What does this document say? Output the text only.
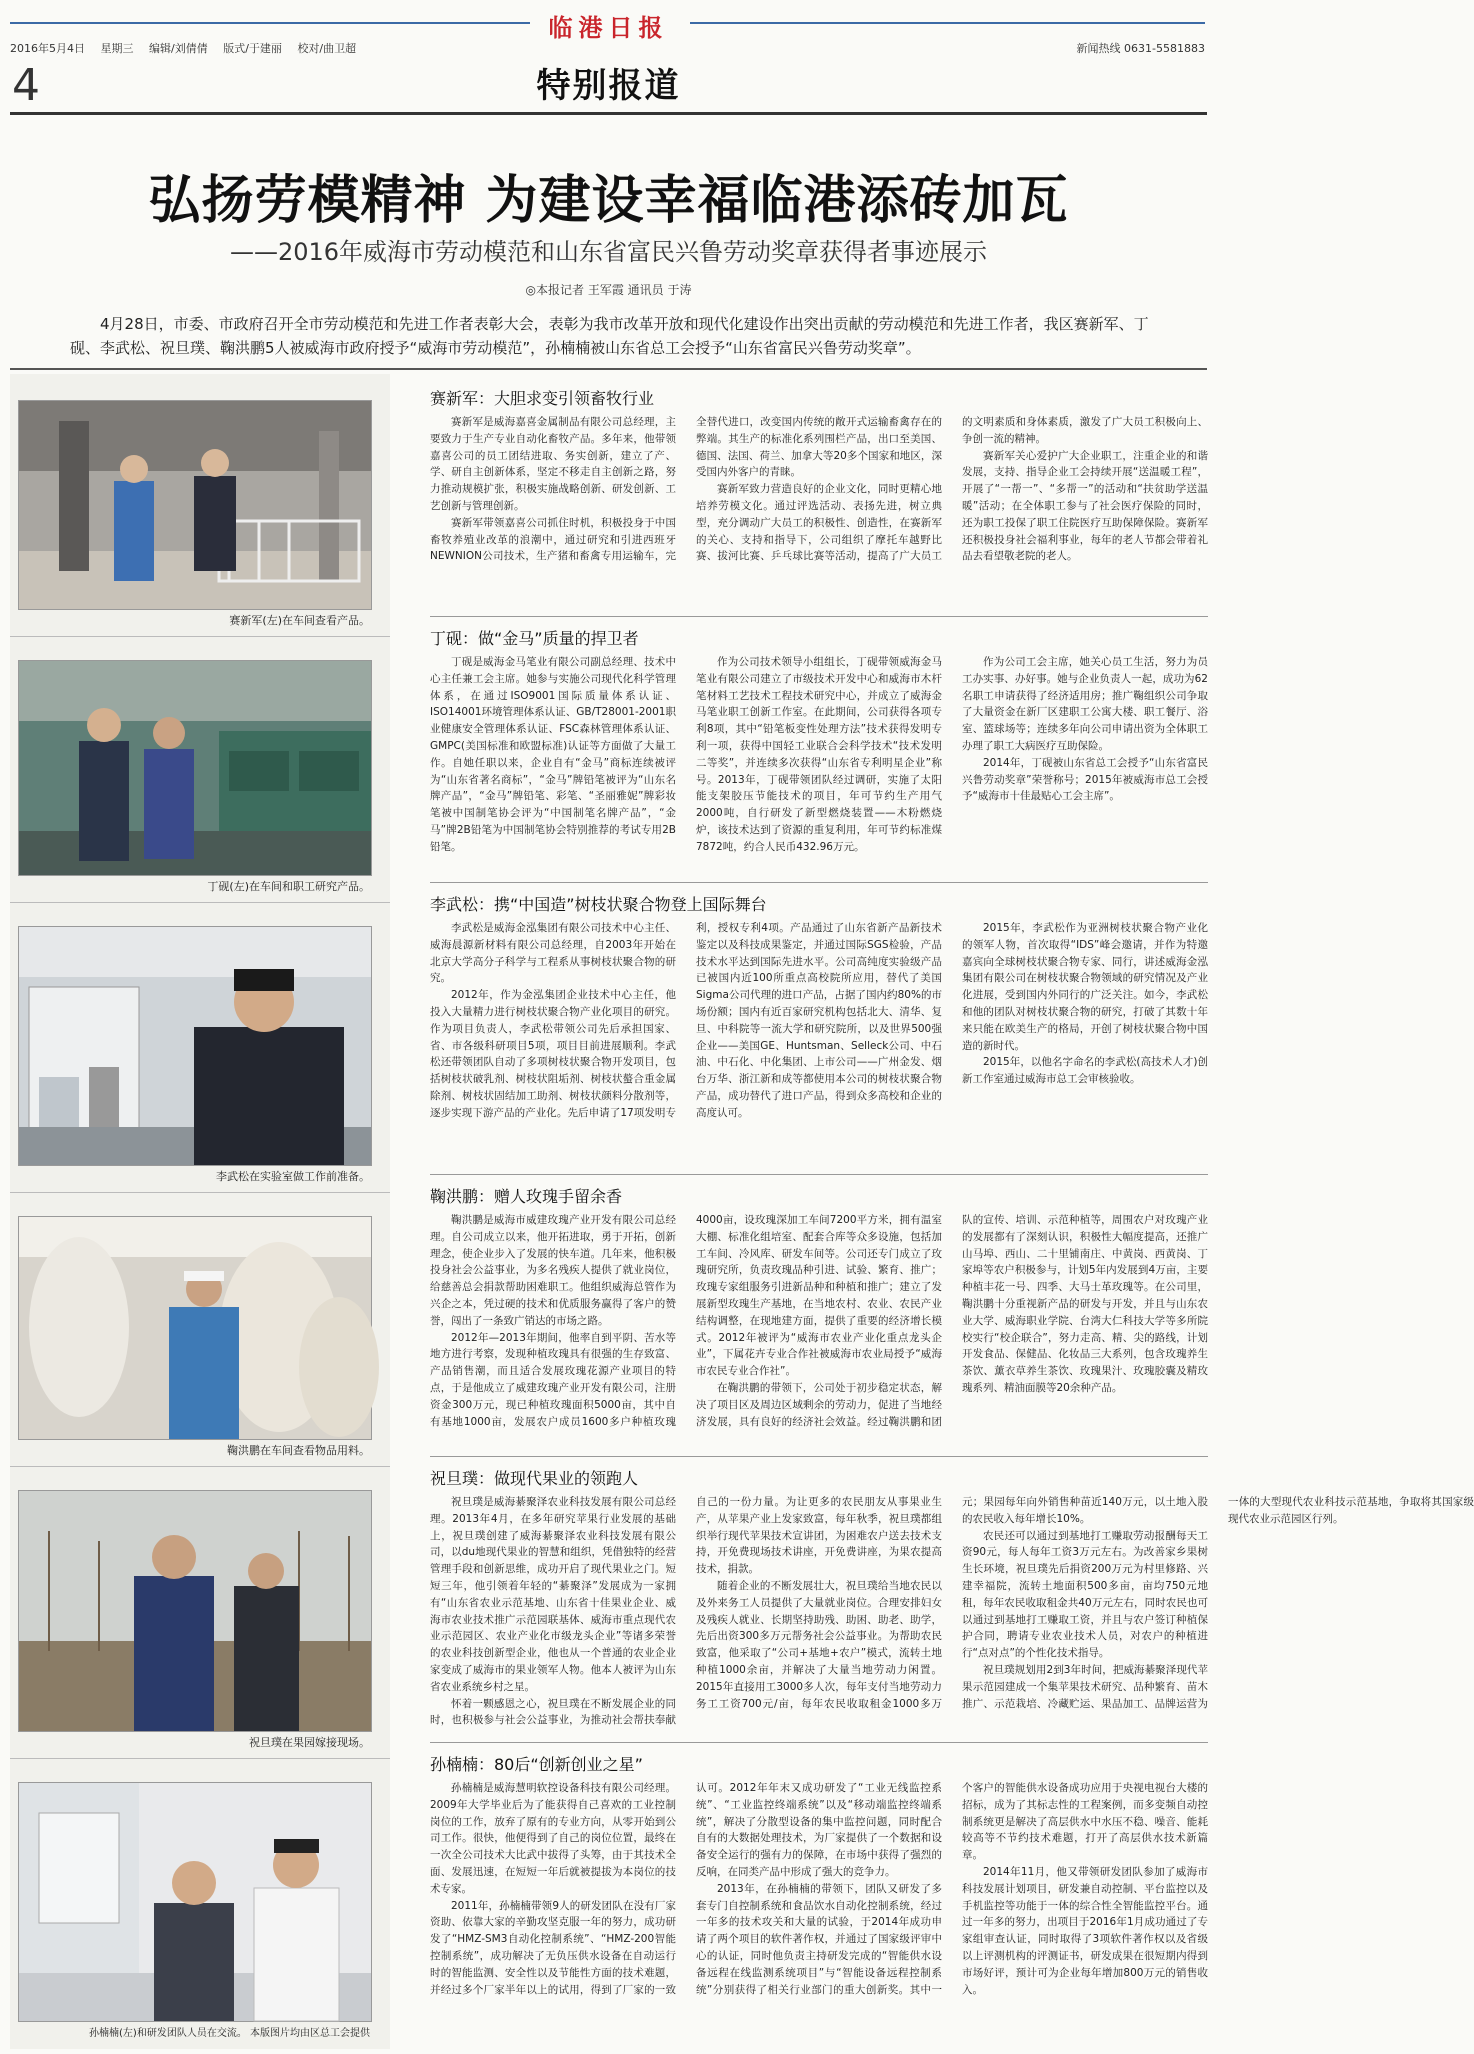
临港日报
2016年5月4日 星期三 编辑/刘倩倩 版式/于建丽 校对/曲卫超	新闻热线 0631-5581883
4	特别报道
弘扬劳模精神 为建设幸福临港添砖加瓦
——2016年威海市劳动模范和山东省富民兴鲁劳动奖章获得者事迹展示
◎本报记者 王军霞 通讯员 于涛
4月28日，市委、市政府召开全市劳动模范和先进工作者表彰大会，表彰为我市改革开放和现代化建设作出突出贡献的劳动模范和先进工作者，我区赛新军、丁砚、李武松、祝旦璞、鞠洪鹏5人被威海市政府授予“威海市劳动模范”，孙楠楠被山东省总工会授予“山东省富民兴鲁劳动奖章”。
赛新军(左)在车间查看产品。
丁砚(左)在车间和职工研究产品。
李武松在实验室做工作前准备。
鞠洪鹏在车间查看物品用料。
祝旦璞在果园嫁接现场。
孙楠楠(左)和研发团队人员在交流。 本版图片均由区总工会提供
赛新军：大胆求变引领畜牧行业

赛新军是威海嘉喜金属制品有限公司总经理，主要致力于生产专业自动化畜牧产品。多年来，他带领嘉喜公司的员工团结进取、务实创新，建立了产、学、研自主创新体系，坚定不移走自主创新之路，努力推动规模扩张，积极实施战略创新、研发创新、工艺创新与管理创新。

赛新军带领嘉喜公司抓住时机，积极投身于中国畜牧养殖业改革的浪潮中，通过研究和引进西班牙NEWNION公司技术，生产猪和畜禽专用运输车，完全替代进口，改变国内传统的敞开式运输畜禽存在的弊端。其生产的标准化系列围栏产品，出口至美国、德国、法国、荷兰、加拿大等20多个国家和地区，深受国内外客户的青睐。

赛新军致力营造良好的企业文化，同时更精心地培养劳模文化。通过评选活动、表扬先进，树立典型，充分调动广大员工的积极性、创造性，在赛新军的关心、支持和指导下，公司组织了摩托车越野比赛、拔河比赛、乒乓球比赛等活动，提高了广大员工的文明素质和身体素质，激发了广大员工积极向上、争创一流的精神。

赛新军关心爱护广大企业职工，注重企业的和谐发展，支持、指导企业工会持续开展“送温暖工程”，开展了“一帮一”、“多帮一”的活动和“扶贫助学送温暖”活动；在全体职工参与了社会医疗保险的同时，还为职工投保了职工住院医疗互助保障保险。赛新军还积极投身社会福利事业，每年的老人节都会带着礼品去看望敬老院的老人。

丁砚：做“金马”质量的捍卫者

丁砚是威海金马笔业有限公司副总经理、技术中心主任兼工会主席。她参与实施公司现代化科学管理体系，在通过ISO9001国际质量体系认证、ISO14001环境管理体系认证、GB/T28001-2001职业健康安全管理体系认证、FSC森林管理体系认证、GMPC(美国标准和欧盟标准)认证等方面做了大量工作。自她任职以来，企业自有“金马”商标连续被评为“山东省著名商标”，“金马”牌铅笔被评为“山东名牌产品”，“金马”牌铅笔、彩笔、“圣丽雅妮”牌彩妆笔被中国制笔协会评为“中国制笔名牌产品”，“金马”牌2B铅笔为中国制笔协会特别推荐的考试专用2B铅笔。

作为公司技术领导小组组长，丁砚带领威海金马笔业有限公司建立了市级技术开发中心和威海市木杆笔材料工艺技术工程技术研究中心，并成立了威海金马笔业职工创新工作室。在此期间，公司获得各项专利8项，其中“铅笔板变性处理方法”技术获得发明专利一项，获得中国轻工业联合会科学技术“技术发明二等奖”，并连续多次获得“山东省专利明星企业”称号。2013年，丁砚带领团队经过调研，实施了太阳能支架胶压节能技术的项目，年可节约生产用气2000吨，自行研发了新型燃烧装置——木粉燃烧炉，该技术达到了资源的重复利用，年可节约标准煤7872吨，约合人民币432.96万元。

作为公司工会主席，她关心员工生活，努力为员工办实事、办好事。她与企业负责人一起，成功为62名职工申请获得了经济适用房；推广鞠组织公司争取了大量资金在新厂区建职工公寓大楼、职工餐厅、浴室、篮球场等；连续多年向公司申请出资为全体职工办理了职工大病医疗互助保险。

2014年，丁砚被山东省总工会授予“山东省富民兴鲁劳动奖章”荣誉称号；2015年被威海市总工会授予“威海市十佳最贴心工会主席”。

李武松：携“中国造”树枝状聚合物登上国际舞台

李武松是威海金泓集团有限公司技术中心主任、威海晨源新材料有限公司总经理，自2003年开始在北京大学高分子科学与工程系从事树枝状聚合物的研究。

2012年，作为金泓集团企业技术中心主任，他投入大量精力进行树枝状聚合物产业化项目的研究。作为项目负责人，李武松带领公司先后承担国家、省、市各级科研项目5项，项目目前进展顺利。李武松还带领团队自动了多项树枝状聚合物开发项目，包括树枝状破乳剂、树枝状阻垢剂、树枝状螯合重金属除剂、树枝状固结加工助剂、树枝状颜料分散剂等，逐步实现下游产品的产业化。先后申请了17项发明专利，授权专利4项。产品通过了山东省新产品新技术鉴定以及科技成果鉴定，并通过国际SGS检验，产品技术水平达到国际先进水平。公司高纯度实验级产品已被国内近100所重点高校院所应用，替代了美国Sigma公司代理的进口产品，占据了国内约80%的市场份额；国内有近百家研究机构包括北大、清华、复旦、中科院等一流大学和研究院所，以及世界500强企业——美国GE、Huntsman、Selleck公司、中石油、中石化、中化集团、上市公司——广州金发、烟台万华、浙江新和成等都使用本公司的树枝状聚合物产品，成功替代了进口产品，得到众多高校和企业的高度认可。

2015年，李武松作为亚洲树枝状聚合物产业化的领军人物，首次取得“IDS”峰会邀请，并作为特邀嘉宾向全球树枝状聚合物专家、同行，讲述威海金泓集团有限公司在树枝状聚合物领域的研究情况及产业化进展，受到国内外同行的广泛关注。如今，李武松和他的团队对树枝状聚合物的研究，打破了其数十年来只能在欧美生产的格局，开创了树枝状聚合物中国造的新时代。

2015年，以他名字命名的李武松(高技术人才)创新工作室通过威海市总工会审核验收。

鞠洪鹏：赠人玫瑰手留余香

鞠洪鹏是威海市威建玫瑰产业开发有限公司总经理。自公司成立以来，他开拓进取，勇于开拓，创新理念，使企业步入了发展的快车道。几年来，他积极投身社会公益事业，为多名残疾人提供了就业岗位，给慈善总会捐款帮助困难职工。他组织威海总管作为兴企之本，凭过硬的技术和优质服务赢得了客户的赞誉，闯出了一条致广销达的市场之路。

2012年—2013年期间，他率自到平阴、苦水等地方进行考察，发现种植玫瑰具有很强的生存致富、产品销售潮，而且适合发展玫瑰花源产业项目的特点，于是他成立了威建玫瑰产业开发有限公司，注册资金300万元，现已种植玫瑰面积5000亩，其中自有基地1000亩，发展农户成员1600多户种植玫瑰4000亩，设玫瑰深加工车间7200平方米，拥有温室大棚、标准化组培室、配套合库等众多设施，包括加工车间、冷风库、研发车间等。公司还专门成立了玫瑰研究所，负责玫瑰品种引进、试验、繁育、推广；玫瑰专家组服务引进新品种和种植和推广；建立了发展新型玫瑰生产基地，在当地农村、农业、农民产业结构调整，在现地建方面，提供了重要的经济增长模式。2012年被评为“威海市农业产业化重点龙头企业”，下属花卉专业合作社被威海市农业局授予“威海市农民专业合作社”。

在鞠洪鹏的带领下，公司处于初步稳定状态，解决了项目区及周边区域剩余的劳动力，促进了当地经济发展，具有良好的经济社会效益。经过鞠洪鹏和团队的宣传、培训、示范种植等，周围农户对玫瑰产业的发展都有了深刻认识，积极性大幅度提高，还推广山马埠、西山、二十里铺南庄、中黄岗、西黄岗、丁家埠等农户积极参与，计划5年内发展到4万亩，主要种植丰花一号、四季、大马士革玫瑰等。在公司里，鞠洪鹏十分重视新产品的研发与开发，并且与山东农业大学、威海职业学院、台湾大仁科技大学等多所院校实行“校企联合”，努力走高、精、尖的路线，计划开发食品、保健品、化妆品三大系列，包含玫瑰养生茶饮、薰衣草养生茶饮、玫瑰果汁、玫瑰胶囊及精玫瑰系列、精油面膜等20余种产品。

祝旦璞：做现代果业的领跑人

祝旦璞是威海綦聚泽农业科技发展有限公司总经理。2013年4月，在多年研究苹果行业发展的基础上，祝旦璞创建了威海綦聚泽农业科技发展有限公司，以du地现代果业的智慧和组织，凭借独特的经营管理手段和创新思维，成功开启了现代果业之门。短短三年，他引领着年轻的“綦聚泽”发展成为一家拥有“山东省农业示范基地、山东省十佳果业企业、威海市农业技术推广示范园联基体、威海市重点现代农业示范园区、农业产业化市级龙头企业”等诸多荣誉的农业科技创新型企业，他也从一个普通的农业企业家变成了威海市的果业领军人物。他本人被评为山东省农业系统乡村之星。

怀着一颗感恩之心，祝旦璞在不断发展企业的同时，也积极参与社会公益事业，为推动社会帮扶奉献自己的一份力量。为让更多的农民朋友从事果业生产，从苹果产业上发家致富，每年秋季，祝旦璞都组织举行现代苹果技术宣讲团，为困难农户送去技术支持，开免费现场技术讲座，开免费讲座，为果农提高技术，捐款。

随着企业的不断发展壮大，祝旦璞给当地农民以及外来务工人员提供了大量就业岗位。合理安排妇女及残疾人就业、长期坚持助残、助困、助老、助学，先后出资300多万元帮务社会公益事业。为帮助农民致富，他采取了“公司+基地+农户”模式，流转土地种植1000余亩，并解决了大量当地劳动力闲置。2015年直接用工3000多人次，每年支付当地劳动力务工工资700元/亩，每年农民收取租金1000多万元；果园每年向外销售种苗近140万元，以土地入股的农民收入每年增长10%。

农民还可以通过到基地打工赚取劳动报酬每天工资90元，每人每年工资3万元左右。为改善家乡果树生长环境，祝旦璞先后捐资200万元为村里修路、兴建幸福院，流转土地面积500多亩，亩均750元地租，每年农民收取租金共40万元左右，同时农民也可以通过到基地打工赚取工资，并且与农户签订种植保护合同，聘请专业农业技术人员，对农户的种植进行“点对点”的个性化技术指导。

祝旦璞规划用2到3年时间，把威海綦聚泽现代苹果示范园建成一个集苹果技术研究、品种繁育、苗木推广、示范栽培、冷藏贮运、果品加工、品牌运营为一体的大型现代农业科技示范基地，争取将其国家级现代农业示范园区行列。

孙楠楠：80后“创新创业之星”

孙楠楠是威海慧明软控设备科技有限公司经理。2009年大学毕业后为了能获得自己喜欢的工业控制岗位的工作，放弃了原有的专业方向，从零开始到公司工作。很快，他便得到了自己的岗位位置，最终在一次全公司技术大比武中拔得了头筹，由于其技术全面、发展迅速，在短短一年后就被提拔为本岗位的技术专家。

2011年，孙楠楠带领9人的研发团队在没有厂家资助、依靠大家的辛勤攻坚克服一年的努力，成功研发了“HMZ-SM3自动化控制系统”、“HMZ-200智能控制系统”，成功解决了无负压供水设备在自动运行时的智能监测、安全性以及节能性方面的技术难题，并经过多个厂家半年以上的试用，得到了厂家的一致认可。2012年年末又成功研发了“工业无线监控系统”、“工业监控终端系统”以及“移动端监控终端系统”，解决了分散型设备的集中监控问题，同时配合自有的大数据处理技术，为厂家提供了一个数据和设备安全运行的强有力的保障，在市场中获得了强烈的反响，在同类产品中形成了强大的竞争力。

2013年，在孙楠楠的带领下，团队又研发了多套专门自控制系统和食品饮水自动化控制系统，经过一年多的技术攻关和大量的试验，于2014年成功申请了两个项目的软件著作权，并通过了国家级评审中心的认证，同时他负责主持研发完成的“智能供水设备远程在线监测系统项目”与“智能设备远程控制系统”分别获得了相关行业部门的重大创新奖。其中一个客户的智能供水设备成功应用于央视电视台大楼的招标，成为了其标志性的工程案例，而多变频自动控制系统更是解决了高层供水中水压不稳、噪音、能耗较高等不节约技术难题，打开了高层供水技术新篇章。

2014年11月，他又带领研发团队参加了威海市科技发展计划项目，研发兼自动控制、平台监控以及手机监控等功能于一体的综合性全智能监控平台。通过一年多的努力，出项目于2016年1月成功通过了专家组审查认证，同时取得了3项软件著作权以及省级以上评测机构的评测证书，研发成果在很短期内得到市场好评，预计可为企业每年增加800万元的销售收入。
